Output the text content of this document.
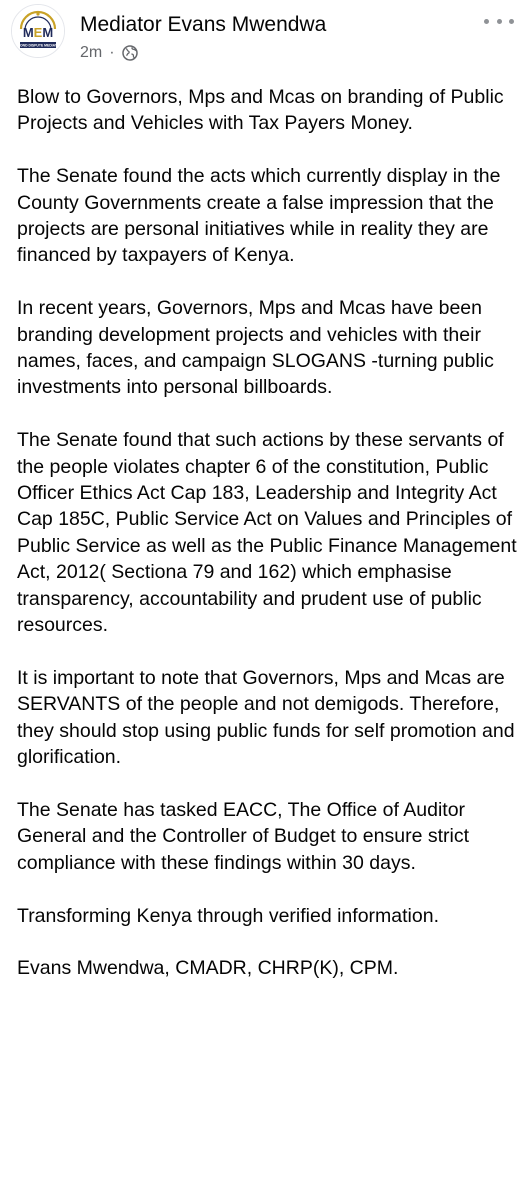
MEM
BEYOND DISPUTE MEDIATION
Mediator Evans Mwendwa
2m ·

Blow to Governors, Mps and Mcas on branding of Public Projects and Vehicles with Tax Payers Money.

The Senate found the acts which currently display in the County Governments create a false impression that the projects are personal initiatives while in reality they are financed by taxpayers of Kenya.

In recent years, Governors, Mps and Mcas have been branding development projects and vehicles with their names, faces, and campaign SLOGANS -turning public investments into personal billboards.

The Senate found that such actions by these servants of the people violates chapter 6 of the constitution, Public Officer Ethics Act Cap 183, Leadership and Integrity Act Cap 185C, Public Service Act on Values and Principles of Public Service as well as the Public Finance Management Act, 2012( Sectiona 79 and 162) which emphasise transparency, accountability and prudent use of public resources.

It is important to note that Governors, Mps and Mcas are SERVANTS of the people and not demigods. Therefore, they should stop using public funds for self promotion and glorification.

The Senate has tasked EACC, The Office of Auditor General and the Controller of Budget to ensure strict compliance with these findings within 30 days.

Transforming Kenya through verified information.

Evans Mwendwa, CMADR, CHRP(K), CPM.
